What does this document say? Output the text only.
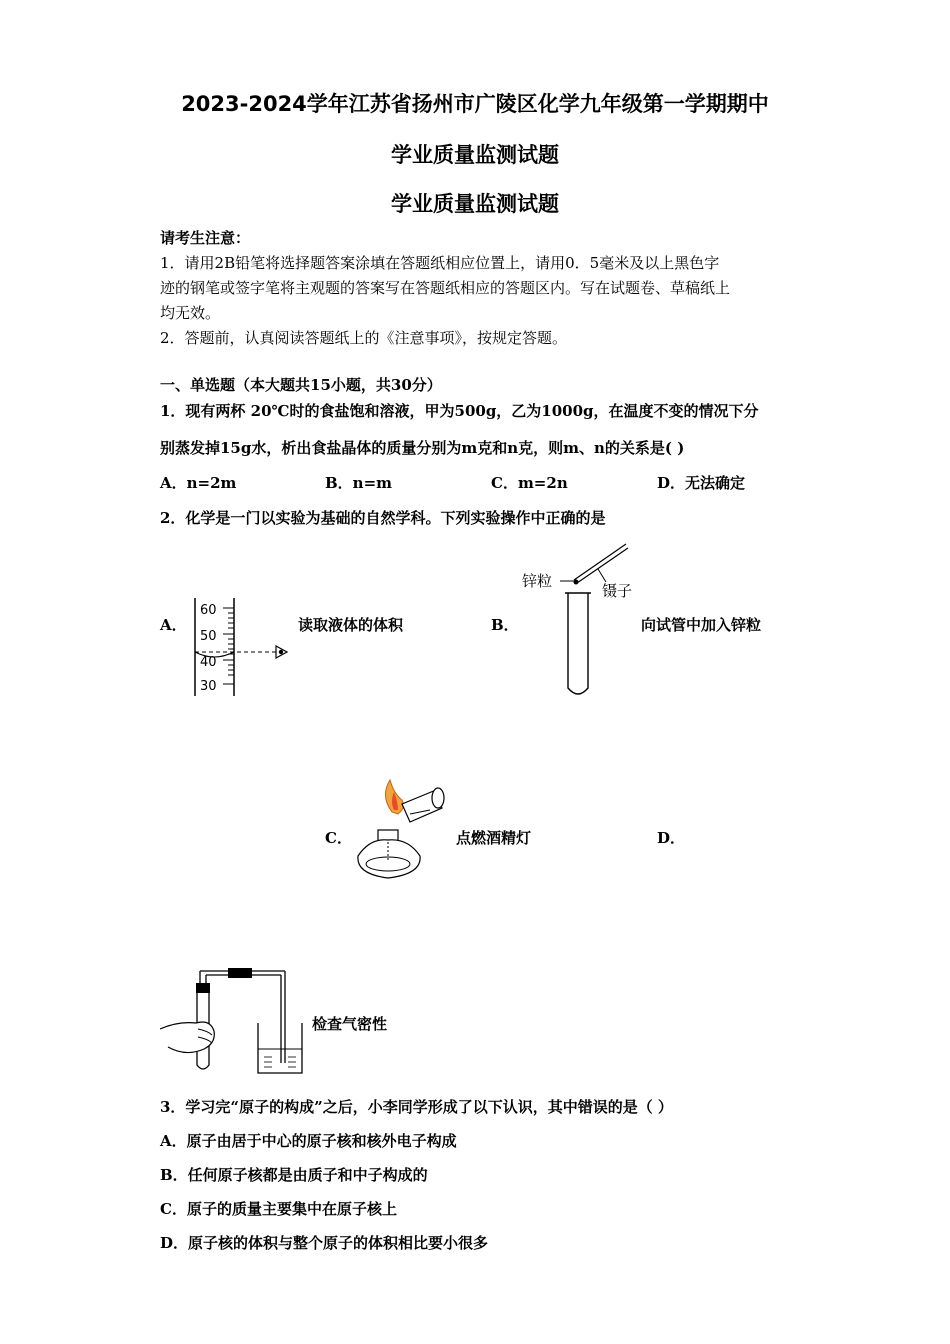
2023-2024学年江苏省扬州市广陵区化学九年级第一学期期中
学业质量监测试题
学业质量监测试题
请考生注意：
1．请用2B铅笔将选择题答案涂填在答题纸相应位置上，请用0．5毫米及以上黑色字
迹的钢笔或签字笔将主观题的答案写在答题纸相应的答题区内。写在试题卷、草稿纸上
均无效。
2．答题前，认真阅读答题纸上的《注意事项》，按规定答题。
一、单选题（本大题共15小题，共30分）
1．现有两杯 20℃时的食盐饱和溶液，甲为500g，乙为1000g，在温度不变的情况下分
别蒸发掉15g水，析出食盐晶体的质量分别为m克和n克，则m、n的关系是( )
A．n=2m	B．n=m	C．m=2n	D．无法确定
2．化学是一门以实验为基础的自然学科。下列实验操作中正确的是
A．
60
50
40
30
读取液体的体积	B．
锌粒
镊子
向试管中加入锌粒
C．	点燃酒精灯	D．
检查气密性
3．学习完“原子的构成”之后，小李同学形成了以下认识，其中错误的是（ ）
A．原子由居于中心的原子核和核外电子构成
B．任何原子核都是由质子和中子构成的
C．原子的质量主要集中在原子核上
D．原子核的体积与整个原子的体积相比要小很多
